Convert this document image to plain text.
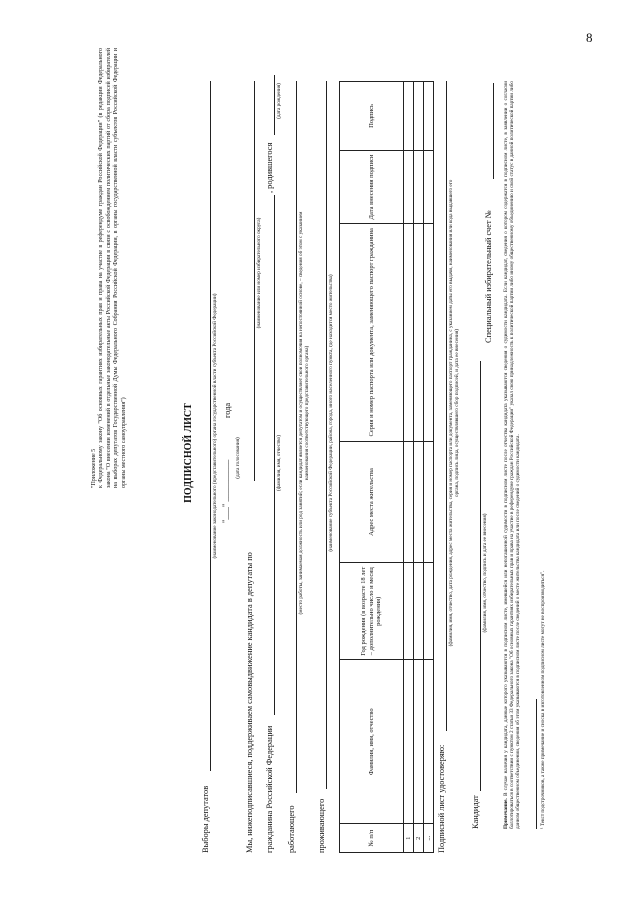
8
"Приложение 5
к Федеральному закону "Об основных гарантиях избирательных прав и права на участие в референдуме граждан Российской Федерации" (в редакции Федерального закона "О внесении изменений в отдельные законодательные акты Российской Федерации в связи с освобождением политических партий от сбора подписей избирателей на выборах депутатов Государственной Думы Федерального Собрания Российской Федерации, в органы государственной власти субъектов Российской Федерации и органы местного самоуправления")	ПОДПИСНОЙ ЛИСТ

Выборы депутатов
(наименование законодательного (представительного) органа государственной власти субъекта Российской Федерации) "___" __________
года
(дата голосования)
Мы, нижеподписавшиеся, поддерживаем самовыдвижение кандидата в депутаты по
(наименование или номер избирательного округа)
гражданина Российской Федерации
, родившегося
(фамилия, имя, отчество)
(дата рождения)
работающего
(место работы, занимаемая должность или род занятий; если кандидат является депутатом и осуществляет свои полномочия на непостоянной основе, – сведения об этом с указанием наименования соответствующего представительного органа)
проживающего
(наименование субъекта Российской Федерации, района, города, иного населенного пункта, где находится место жительства)
№ п/п	Фамилия, имя, отчество	Год рождения (в возрасте 18 лет – дополнительно число и месяц рождения)	Адрес места жительства	Серия и номер паспорта или документа, заменяющего паспорт гражданина	Дата внесения подписи	Подпись
1						
2						
...						Подписной лист удостоверяю:
(фамилия, имя, отчество, дата рождения, адрес места жительства, серия и номер паспорта или документа, заменяющего паспорт гражданина, с указанием даты его выдачи, наименования или кода выдавшего его органа, подпись лица, осуществлявшего сбор подписей, и дата ее внесения)
Кандидат
(фамилия, имя, отчество, подпись и дата ее внесения)
Специальный избирательный счет №
Примечание. В случае наличия у кандидата, данные которого указываются в подписном листе, имевшейся или непогашенной судимости в подписном листе после отчества кандидата указываются сведения о судимости кандидата. Если кандидат, сведения о котором содержатся в подписном листе, в заявлении о согласии баллотироваться в соответствии с пунктом 2 статьи 33 Федерального закона "Об основных гарантиях избирательных прав и права на участие в референдуме граждан Российской Федерации" указал свою принадлежность к политической партии либо иному общественному объединению и свой статус в данной политической партии либо данном общественном объединении, сведения об этом указываются в подписном листе после сведений о месте жительства кандидата или после сведений о судимости кандидата.	¹ Текст подстрочников, а также примечание и сноска в изготовленном подписном листе могут не воспроизводиться".
